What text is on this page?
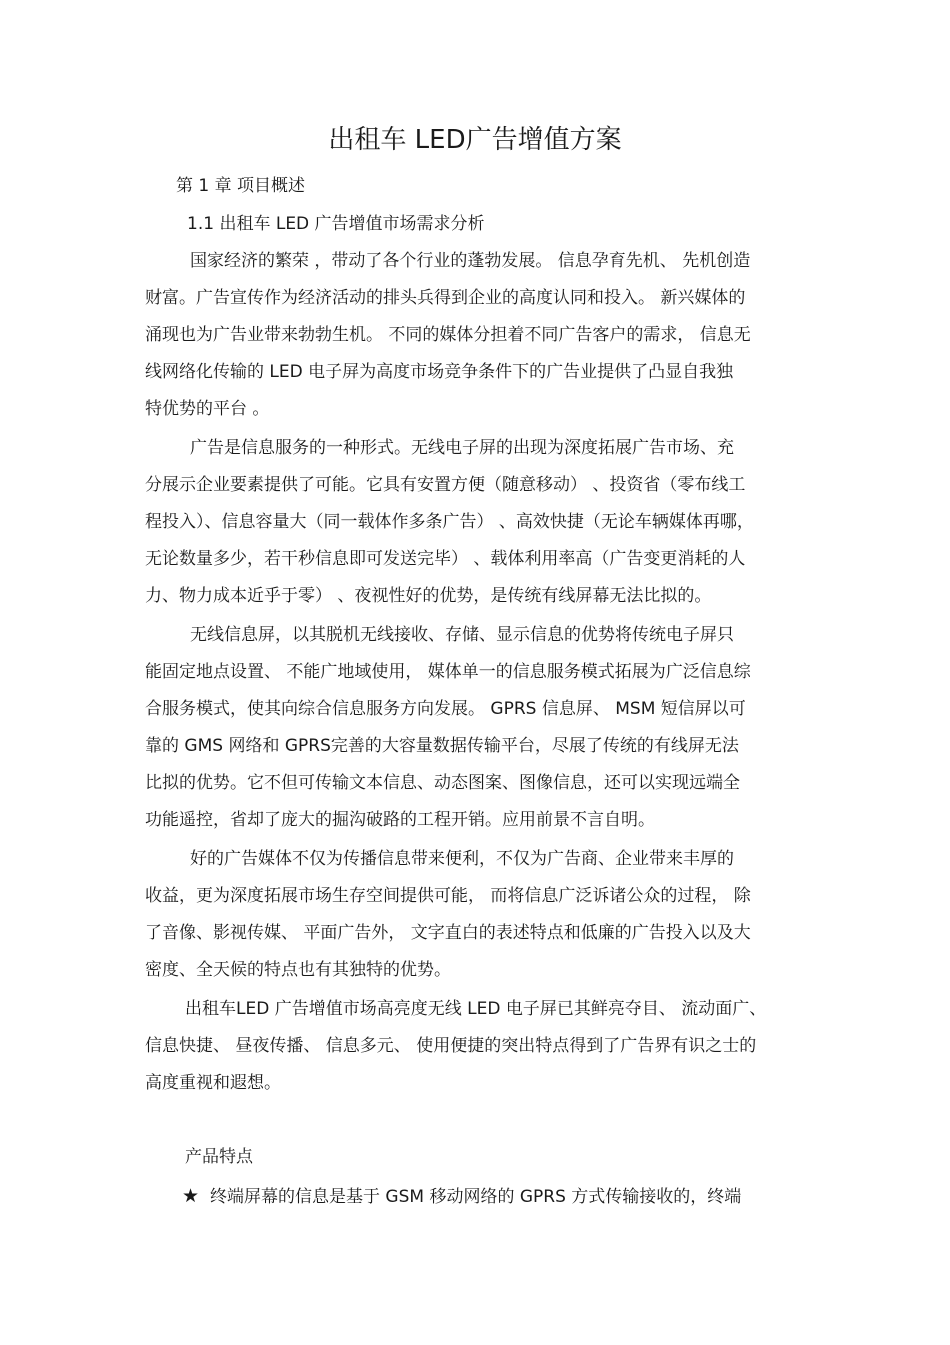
出租车 LED广告增值方案
第 1 章 项目概述
1.1 出租车 LED 广告增值市场需求分析
国家经济的繁荣 ，带动了各个行业的蓬勃发展。 信息孕育先机、 先机创造
财富。广告宣传作为经济活动的排头兵得到企业的高度认同和投入。 新兴媒体的
涌现也为广告业带来勃勃生机。 不同的媒体分担着不同广告客户的需求， 信息无
线网络化传输的 LED 电子屏为高度市场竞争条件下的广告业提供了凸显自我独
特优势的平台 。
广告是信息服务的一种形式。无线电子屏的出现为深度拓展广告市场、充
分展示企业要素提供了可能。它具有安置方便（随意移动） 、投资省（零布线工
程投入）、信息容量大（同一载体作多条广告） 、高效快捷（无论车辆媒体再哪，
无论数量多少，若干秒信息即可发送完毕） 、载体利用率高（广告变更消耗的人
力、物力成本近乎于零） 、夜视性好的优势，是传统有线屏幕无法比拟的。
无线信息屏，以其脱机无线接收、存储、显示信息的优势将传统电子屏只
能固定地点设置、 不能广地域使用， 媒体单一的信息服务模式拓展为广泛信息综
合服务模式，使其向综合信息服务方向发展。 GPRS 信息屏、 MSM 短信屏以可
靠的 GMS 网络和 GPRS完善的大容量数据传输平台，尽展了传统的有线屏无法
比拟的优势。它不但可传输文本信息、动态图案、图像信息，还可以实现远端全
功能遥控，省却了庞大的掘沟破路的工程开销。应用前景不言自明。
好的广告媒体不仅为传播信息带来便利，不仅为广告商、企业带来丰厚的
收益，更为深度拓展市场生存空间提供可能， 而将信息广泛诉诸公众的过程， 除
了音像、影视传媒、 平面广告外， 文字直白的表述特点和低廉的广告投入以及大
密度、全天候的特点也有其独特的优势。
出租车LED 广告增值市场高亮度无线 LED 电子屏已其鲜亮夺目、 流动面广、
信息快捷、 昼夜传播、 信息多元、 使用便捷的突出特点得到了广告界有识之士的
高度重视和遐想。
产品特点
★ 终端屏幕的信息是基于 GSM 移动网络的 GPRS 方式传输接收的，终端
